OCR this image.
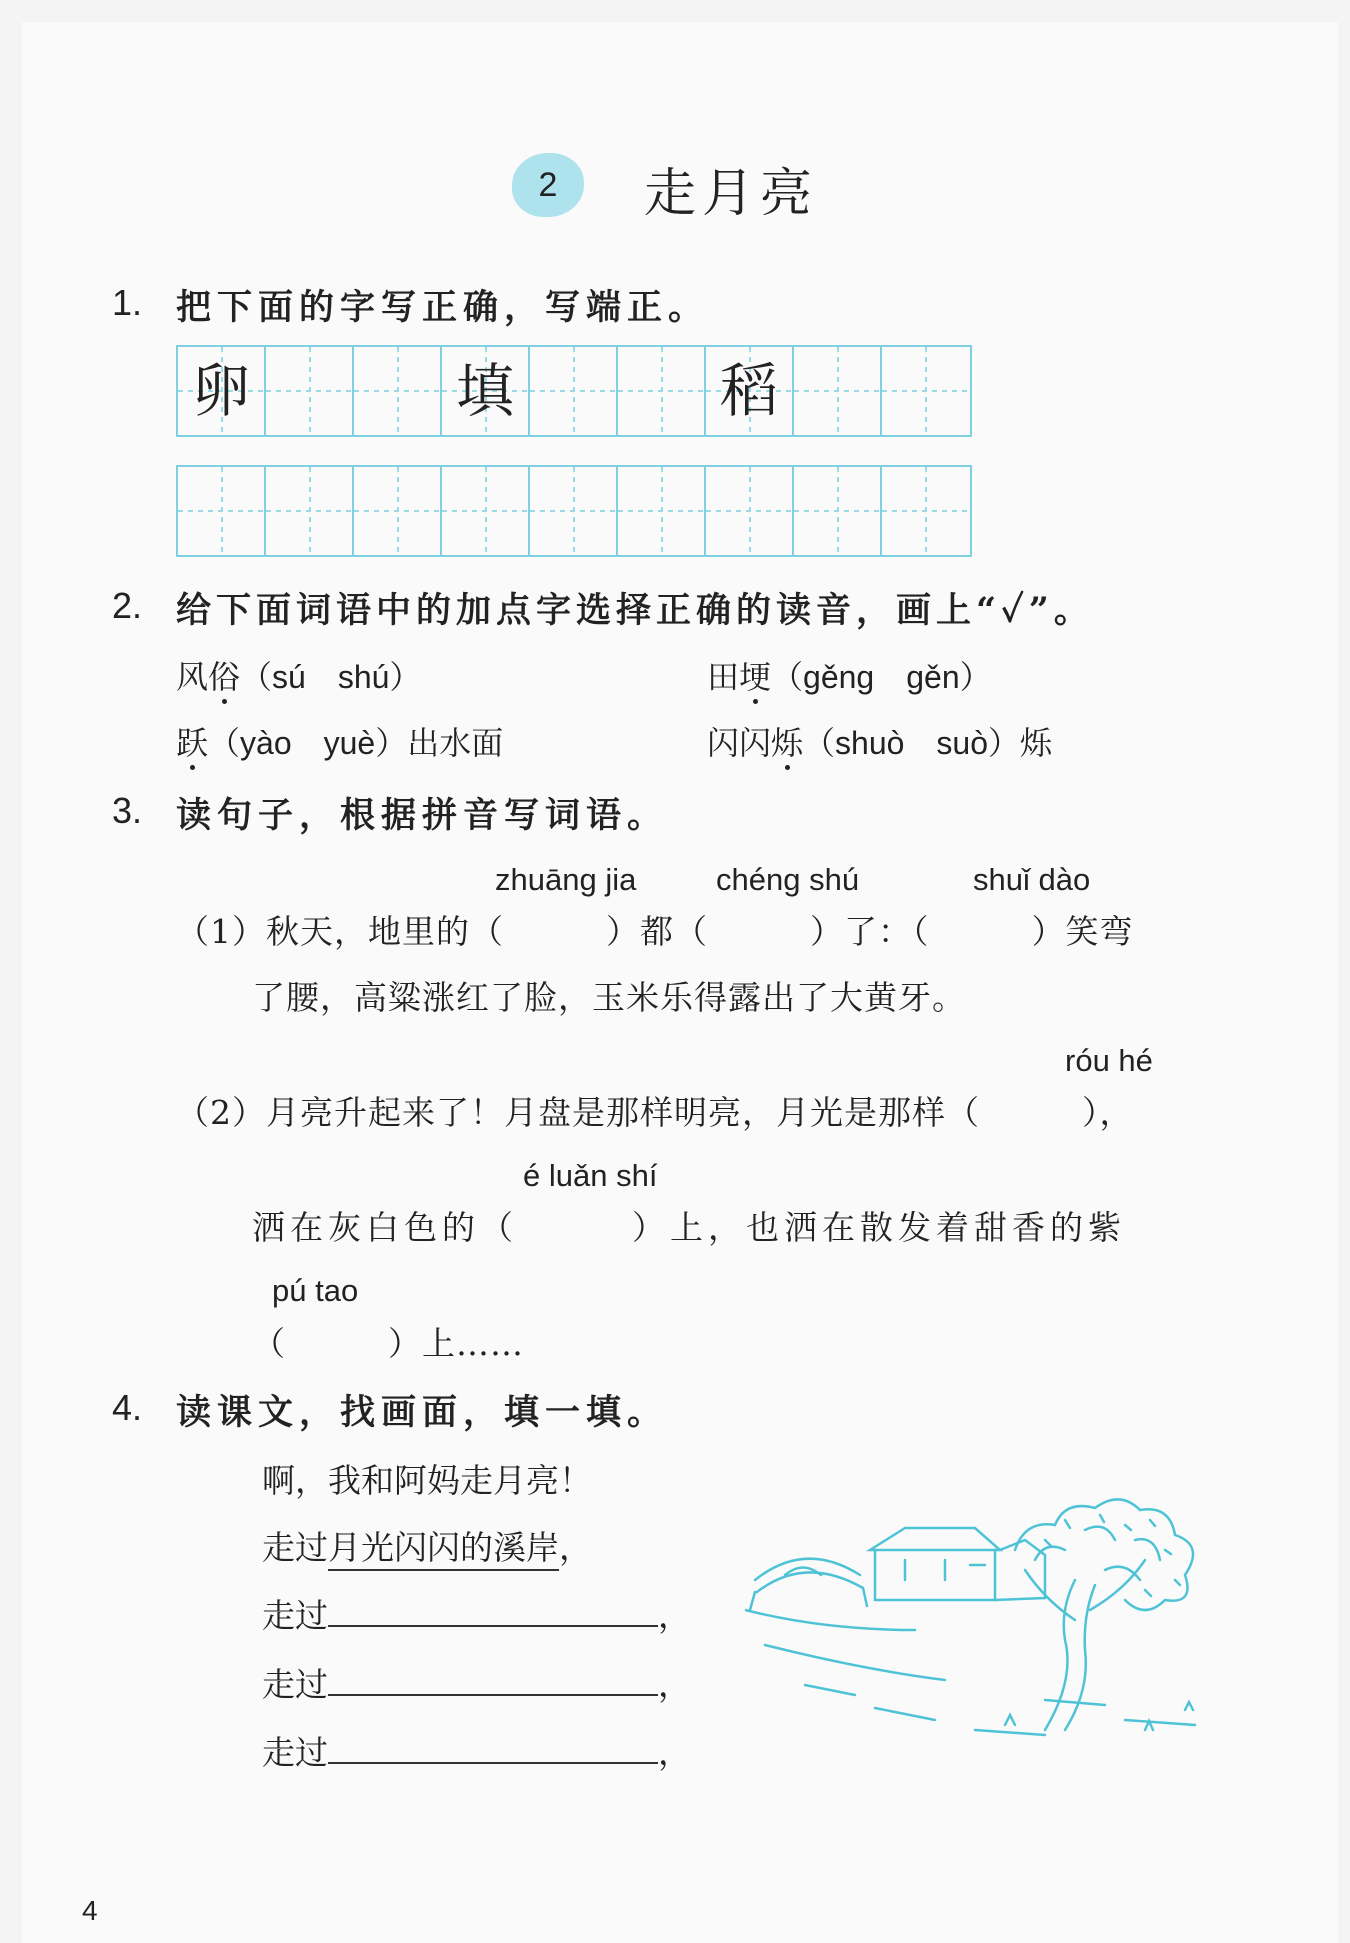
2	走月亮
1. 把下面的字写正确，写端正。
卵	填	稻
2. 给下面词语中的加点字选择正确的读音，画上“✓”。
风俗（sú　shú）	田埂（gěng　gěn）
跃（yào　yuè）出水面	闪闪烁（shuò　suò）烁
3. 读句子，根据拼音写词语。
zhuāng jia	chéng shú	shuǐ dào
（1）秋天，地里的（　　　）都（　　　）了：（　　　）笑弯
了腰，高粱涨红了脸，玉米乐得露出了大黄牙。
róu hé
（2）月亮升起来了！月盘是那样明亮，月光是那样（　　　），
é luǎn shí
洒在灰白色的（　　　）上，也洒在散发着甜香的紫
pú tao
（　　　）上……
4. 读课文，找画面，填一填。
啊，我和阿妈走月亮！
走过月光闪闪的溪岸，
走过	，
走过	，
走过	，
4
